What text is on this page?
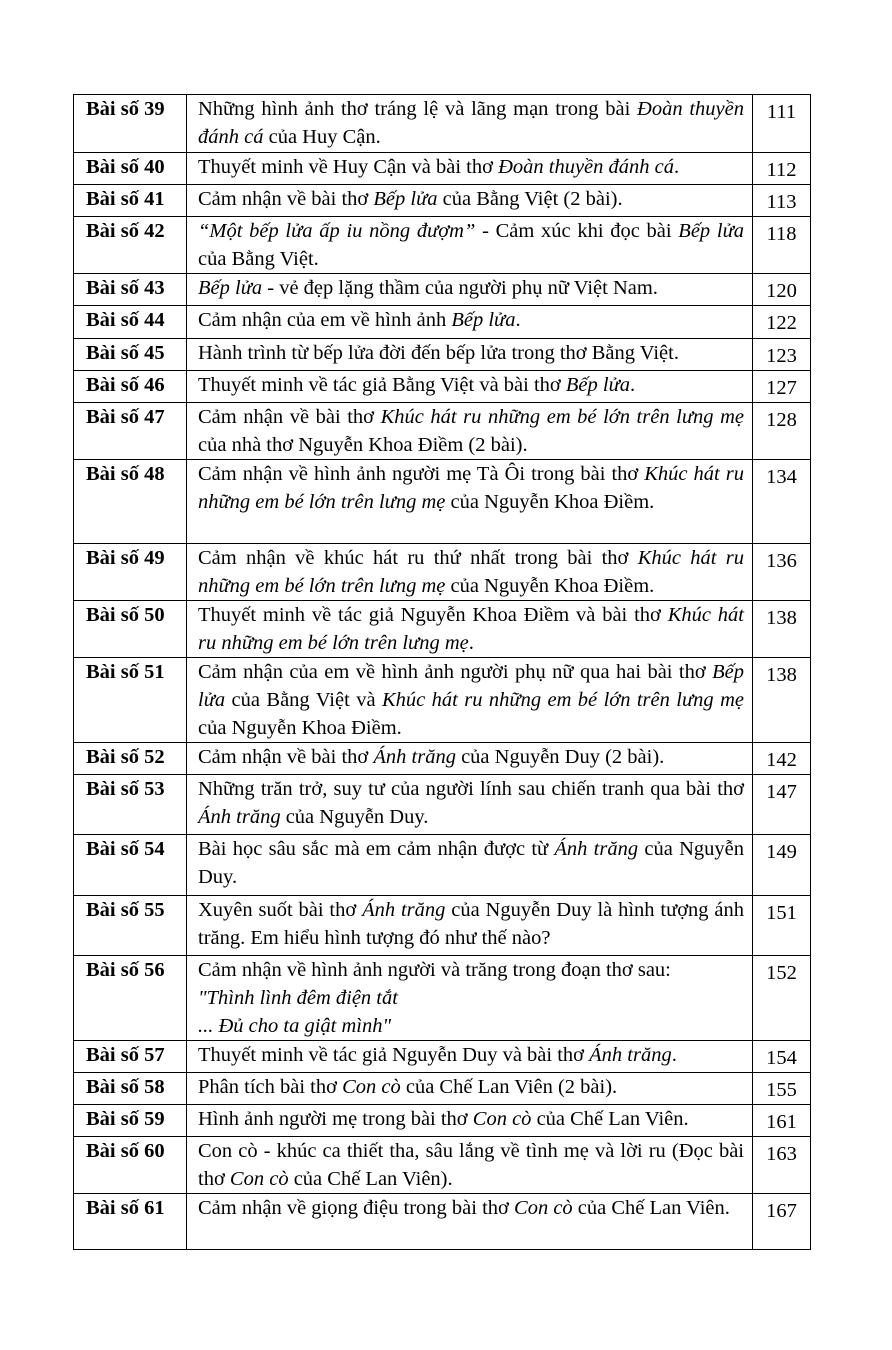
Bài số 39	Những hình ảnh thơ tráng lệ và lãng mạn trong bài Đoàn thuyền đánh cá của Huy Cận.	111
Bài số 40	Thuyết minh về Huy Cận và bài thơ Đoàn thuyền đánh cá.	112
Bài số 41	Cảm nhận về bài thơ Bếp lửa của Bằng Việt (2 bài).	113
Bài số 42	“Một bếp lửa ấp iu nồng đượm” - Cảm xúc khi đọc bài Bếp lửa của Bằng Việt.	118
Bài số 43	Bếp lửa - vẻ đẹp lặng thầm của người phụ nữ Việt Nam.	120
Bài số 44	Cảm nhận của em về hình ảnh Bếp lửa.	122
Bài số 45	Hành trình từ bếp lửa đời đến bếp lửa trong thơ Bằng Việt.	123
Bài số 46	Thuyết minh về tác giả Bằng Việt và bài thơ Bếp lửa.	127
Bài số 47	Cảm nhận về bài thơ Khúc hát ru những em bé lớn trên lưng mẹ của nhà thơ Nguyễn Khoa Điềm (2 bài).	128
Bài số 48	Cảm nhận về hình ảnh người mẹ Tà Ôi trong bài thơ Khúc hát ru những em bé lớn trên lưng mẹ của Nguyễn Khoa Điềm.	134
Bài số 49	Cảm nhận về khúc hát ru thứ nhất trong bài thơ Khúc hát ru những em bé lớn trên lưng mẹ của Nguyễn Khoa Điềm.	136
Bài số 50	Thuyết minh về tác giả Nguyễn Khoa Điềm và bài thơ Khúc hát ru những em bé lớn trên lưng mẹ.	138
Bài số 51	Cảm nhận của em về hình ảnh người phụ nữ qua hai bài thơ Bếp lửa của Bằng Việt và Khúc hát ru những em bé lớn trên lưng mẹ của Nguyễn Khoa Điềm.	138
Bài số 52	Cảm nhận về bài thơ Ánh trăng của Nguyễn Duy (2 bài).	142
Bài số 53	Những trăn trở, suy tư của người lính sau chiến tranh qua bài thơ Ánh trăng của Nguyễn Duy.	147
Bài số 54	Bài học sâu sắc mà em cảm nhận được từ Ánh trăng của Nguyễn Duy.	149
Bài số 55	Xuyên suốt bài thơ Ánh trăng của Nguyễn Duy là hình tượng ánh trăng. Em hiểu hình tượng đó như thế nào?	151
Bài số 56	Cảm nhận về hình ảnh người và trăng trong đoạn thơ sau:
"Thình lình đêm điện tắt
... Đủ cho ta giật mình"	152
Bài số 57	Thuyết minh về tác giả Nguyễn Duy và bài thơ Ánh trăng.	154
Bài số 58	Phân tích bài thơ Con cò của Chế Lan Viên (2 bài).	155
Bài số 59	Hình ảnh người mẹ trong bài thơ Con cò của Chế Lan Viên.	161
Bài số 60	Con cò - khúc ca thiết tha, sâu lắng về tình mẹ và lời ru (Đọc bài thơ Con cò của Chế Lan Viên).	163
Bài số 61	Cảm nhận về giọng điệu trong bài thơ Con cò của Chế Lan Viên.	167
